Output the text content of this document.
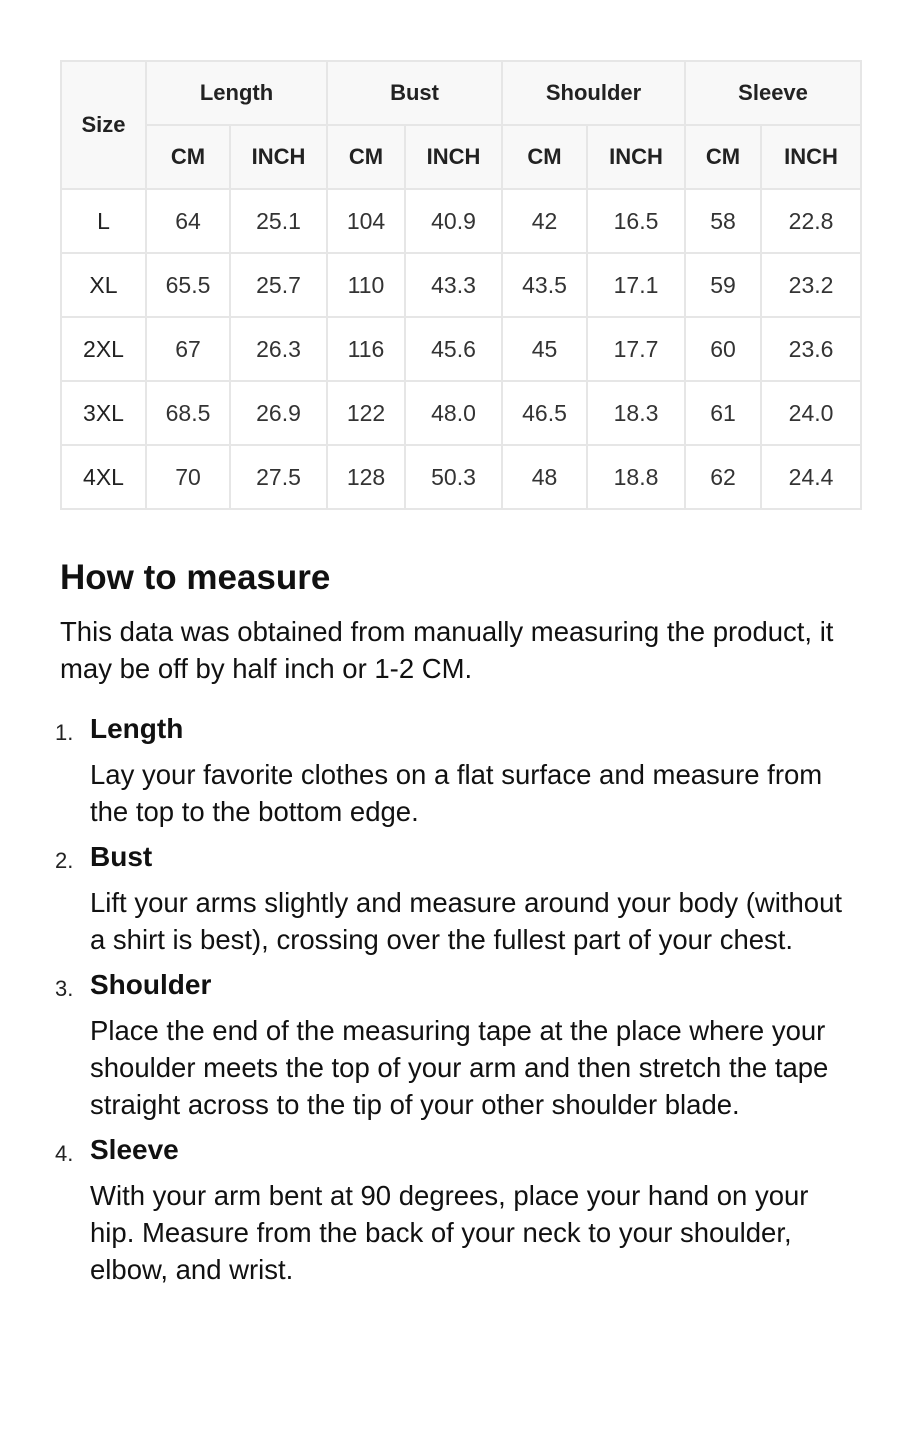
Size	Length		Bust		Shoulder		Sleeve	
	CM	INCH	CM	INCH	CM	INCH	CM	INCH
L	64	25.1	104	40.9	42	16.5	58	22.8
XL	65.5	25.7	110	43.3	43.5	17.1	59	23.2
2XL	67	26.3	116	45.6	45	17.7	60	23.6
3XL	68.5	26.9	122	48.0	46.5	18.3	61	24.0
4XL	70	27.5	128	50.3	48	18.8	62	24.4
How to measure

This data was obtained from manually measuring the product, it may be off by half inch or 1-2 CM.

1. Length
Lay your favorite clothes on a flat surface and measure from the top to the bottom edge.
2. Bust
Lift your arms slightly and measure around your body (without a shirt is best), crossing over the fullest part of your chest.
3. Shoulder
Place the end of the measuring tape at the place where your shoulder meets the top of your arm and then stretch the tape straight across to the tip of your other shoulder blade.
4. Sleeve
With your arm bent at 90 degrees, place your hand on your hip. Measure from the back of your neck to your shoulder, elbow, and wrist.
